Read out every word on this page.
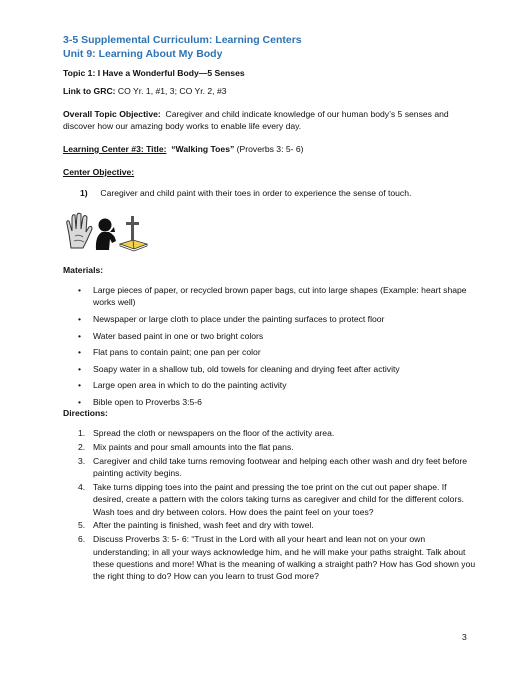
3-5 Supplemental Curriculum: Learning Centers
Unit 9: Learning About My Body
Topic 1: I Have a Wonderful Body—5 Senses
Link to GRC: CO Yr. 1, #1, 3; CO Yr. 2, #3
Overall Topic Objective: Caregiver and child indicate knowledge of our human body’s 5 senses and discover how our amazing body works to enable life every day.
Learning Center #3: Title: “Walking Toes” (Proverbs 3: 5- 6)
Center Objective:
1) Caregiver and child paint with their toes in order to experience the sense of touch.
Materials:
• Large pieces of paper, or recycled brown paper bags, cut into large shapes (Example: heart shape works well)
• Newspaper or large cloth to place under the painting surfaces to protect floor
• Water based paint in one or two bright colors
• Flat pans to contain paint; one pan per color
• Soapy water in a shallow tub, old towels for cleaning and drying feet after activity
• Large open area in which to do the painting activity
• Bible open to Proverbs 3:5-6
Directions:
1. Spread the cloth or newspapers on the floor of the activity area.
2. Mix paints and pour small amounts into the flat pans.
3. Caregiver and child take turns removing footwear and helping each other wash and dry feet before painting activity begins.
4. Take turns dipping toes into the paint and pressing the toe print on the cut out paper shape. If desired, create a pattern with the colors taking turns as caregiver and child for the different colors. Wash toes and dry between colors. How does the paint feel on your toes?
5. After the painting is finished, wash feet and dry with towel.
6. Discuss Proverbs 3: 5- 6: “Trust in the Lord with all your heart and lean not on your own understanding; in all your ways acknowledge him, and he will make your paths straight. Talk about these questions and more! What is the meaning of walking a straight path? How has God shown you the right thing to do? How can you learn to trust God more?
3
